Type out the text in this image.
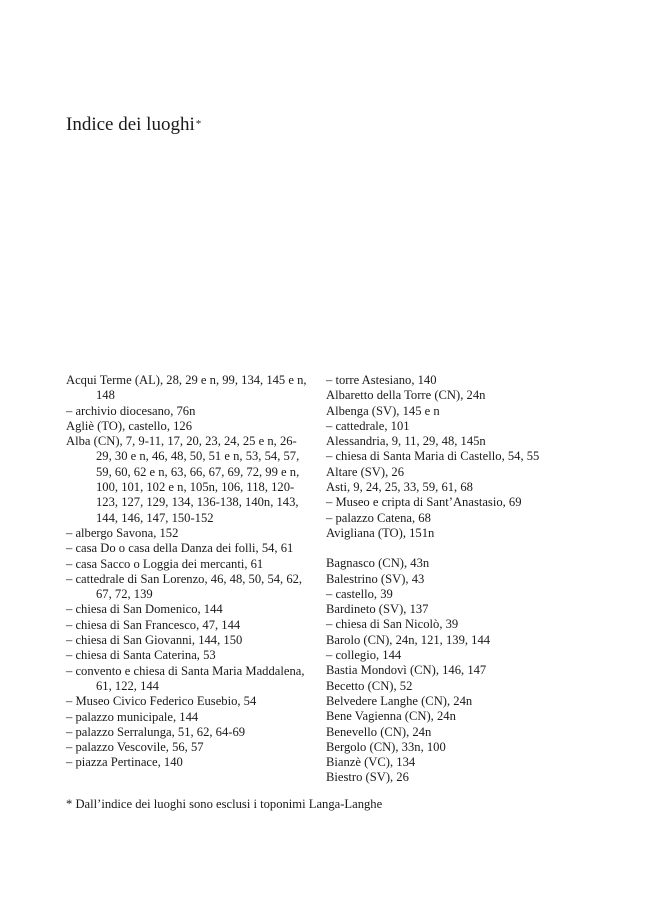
Indice dei luoghi*

Acqui Terme (AL), 28, 29 e n, 99, 134, 145 e n, 148

– archivio diocesano, 76n

Agliè (TO), castello, 126

Alba (CN), 7, 9-11, 17, 20, 23, 24, 25 e n, 26-29, 30 e n, 46, 48, 50, 51 e n, 53, 54, 57, 59, 60, 62 e n, 63, 66, 67, 69, 72, 99 e n, 100, 101, 102 e n, 105n, 106, 118, 120-123, 127, 129, 134, 136-138, 140n, 143, 144, 146, 147, 150-152

– albergo Savona, 152

– casa Do o casa della Danza dei folli, 54, 61

– casa Sacco o Loggia dei mercanti, 61

– cattedrale di San Lorenzo, 46, 48, 50, 54, 62, 67, 72, 139

– chiesa di San Domenico, 144

– chiesa di San Francesco, 47, 144

– chiesa di San Giovanni, 144, 150

– chiesa di Santa Caterina, 53

– convento e chiesa di Santa Maria Maddalena, 61, 122, 144

– Museo Civico Federico Eusebio, 54

– palazzo municipale, 144

– palazzo Serralunga, 51, 62, 64-69

– palazzo Vescovile, 56, 57

– piazza Pertinace, 140

– torre Astesiano, 140

Albaretto della Torre (CN), 24n

Albenga (SV), 145 e n

– cattedrale, 101

Alessandria, 9, 11, 29, 48, 145n

– chiesa di Santa Maria di Castello, 54, 55

Altare (SV), 26

Asti, 9, 24, 25, 33, 59, 61, 68

– Museo e cripta di Sant’Anastasio, 69

– palazzo Catena, 68

Avigliana (TO), 151n

Bagnasco (CN), 43n

Balestrino (SV), 43

– castello, 39

Bardineto (SV), 137

– chiesa di San Nicolò, 39

Barolo (CN), 24n, 121, 139, 144

– collegio, 144

Bastia Mondovì (CN), 146, 147

Becetto (CN), 52

Belvedere Langhe (CN), 24n

Bene Vagienna (CN), 24n

Benevello (CN), 24n

Bergolo (CN), 33n, 100

Bianzè (VC), 134

Biestro (SV), 26

* Dall’indice dei luoghi sono esclusi i toponimi Langa-Langhe
